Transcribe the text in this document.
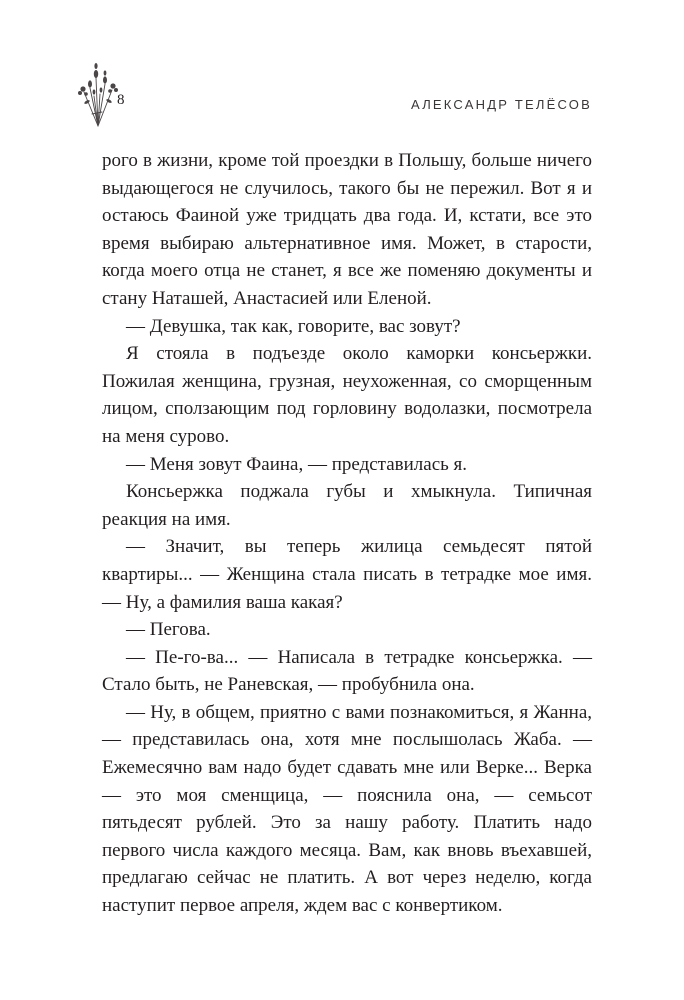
8	АЛЕКСАНДР ТЕЛЁСОВ

рого в жизни, кроме той проездки в Польшу, больше ничего выдающегося не случилось, такого бы не пережил. Вот я и остаюсь Фаиной уже тридцать два года. И, кстати, все это время выбираю альтернативное имя. Может, в старости, когда моего отца не станет, я все же поменяю документы и стану Наташей, Анастасией или Еленой.

— Девушка, так как, говорите, вас зовут?

Я стояла в подъезде около каморки консьержки. Пожилая женщина, грузная, неухоженная, со сморщенным лицом, сползающим под горловину водолазки, посмотрела на меня сурово.

— Меня зовут Фаина, — представилась я.

Консьержка поджала губы и хмыкнула. Типичная реакция на имя.

— Значит, вы теперь жилица семьдесят пятой квартиры... — Женщина стала писать в тетрадке мое имя. — Ну, а фамилия ваша какая?

— Пегова.

— Пе-го-ва... — Написала в тетрадке консьержка. — Стало быть, не Раневская, — пробубнила она.

— Ну, в общем, приятно с вами познакомиться, я Жанна, — представилась она, хотя мне послышолась Жаба. — Ежемесячно вам надо будет сдавать мне или Верке... Верка — это моя сменщица, — пояснила она, — семьсот пятьдесят рублей. Это за нашу работу. Платить надо первого числа каждого месяца. Вам, как вновь въехавшей, предлагаю сейчас не платить. А вот через неделю, когда наступит первое апреля, ждем вас с конвертиком.
